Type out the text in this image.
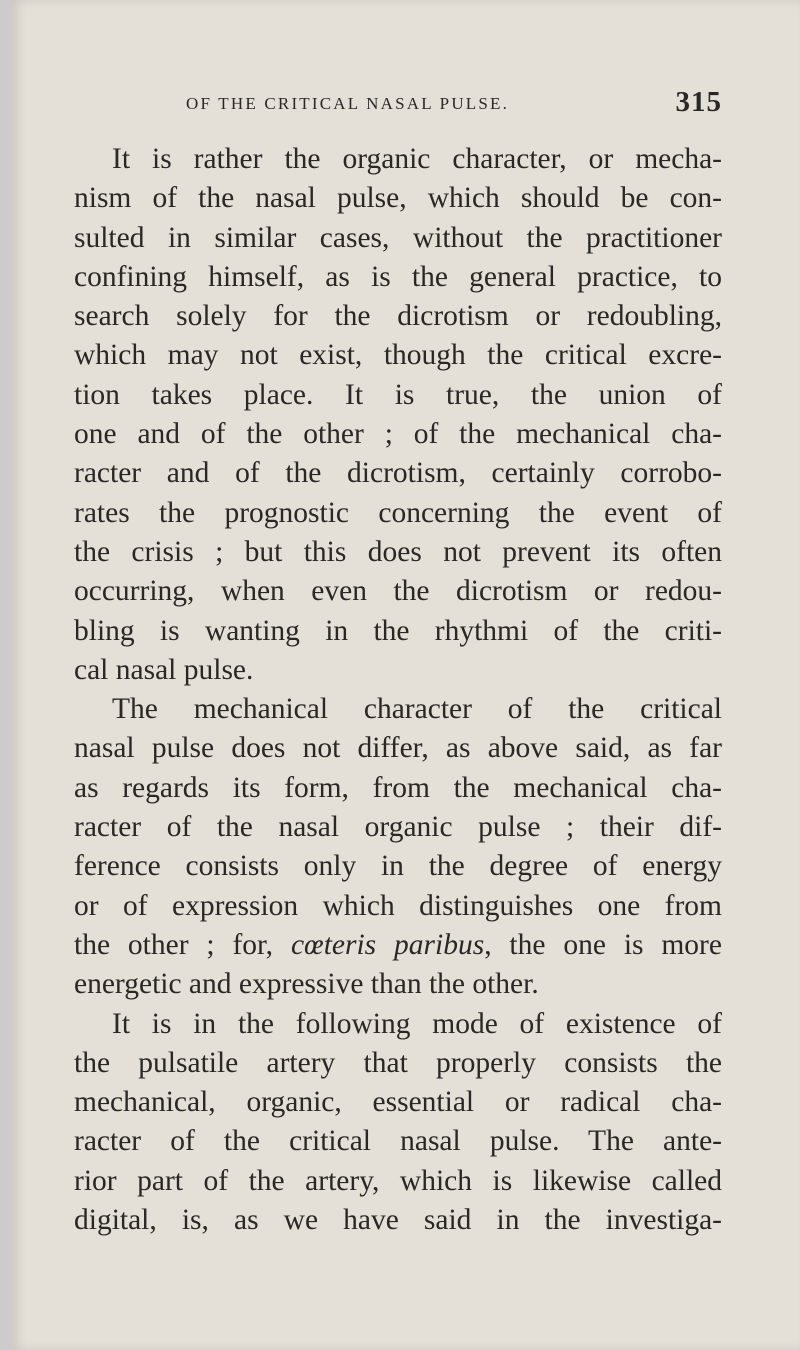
OF THE CRITICAL NASAL PULSE.	315

It is rather the organic character, or mecha-
nism of the nasal pulse, which should be con-
sulted in similar cases, without the practitioner
confining himself, as is the general practice, to
search solely for the dicrotism or redoubling,
which may not exist, though the critical excre-
tion takes place. It is true, the union of
one and of the other ; of the mechanical cha-
racter and of the dicrotism, certainly corrobo-
rates the prognostic concerning the event of
the crisis ; but this does not prevent its often
occurring, when even the dicrotism or redou-
bling is wanting in the rhythmi of the criti-
cal nasal pulse.

The mechanical character of the critical
nasal pulse does not differ, as above said, as far
as regards its form, from the mechanical cha-
racter of the nasal organic pulse ; their dif-
ference consists only in the degree of energy
or of expression which distinguishes one from
the other ; for, cœteris paribus, the one is more
energetic and expressive than the other.

It is in the following mode of existence of
the pulsatile artery that properly consists the
mechanical, organic, essential or radical cha-
racter of the critical nasal pulse. The ante-
rior part of the artery, which is likewise called
digital, is, as we have said in the investiga-
